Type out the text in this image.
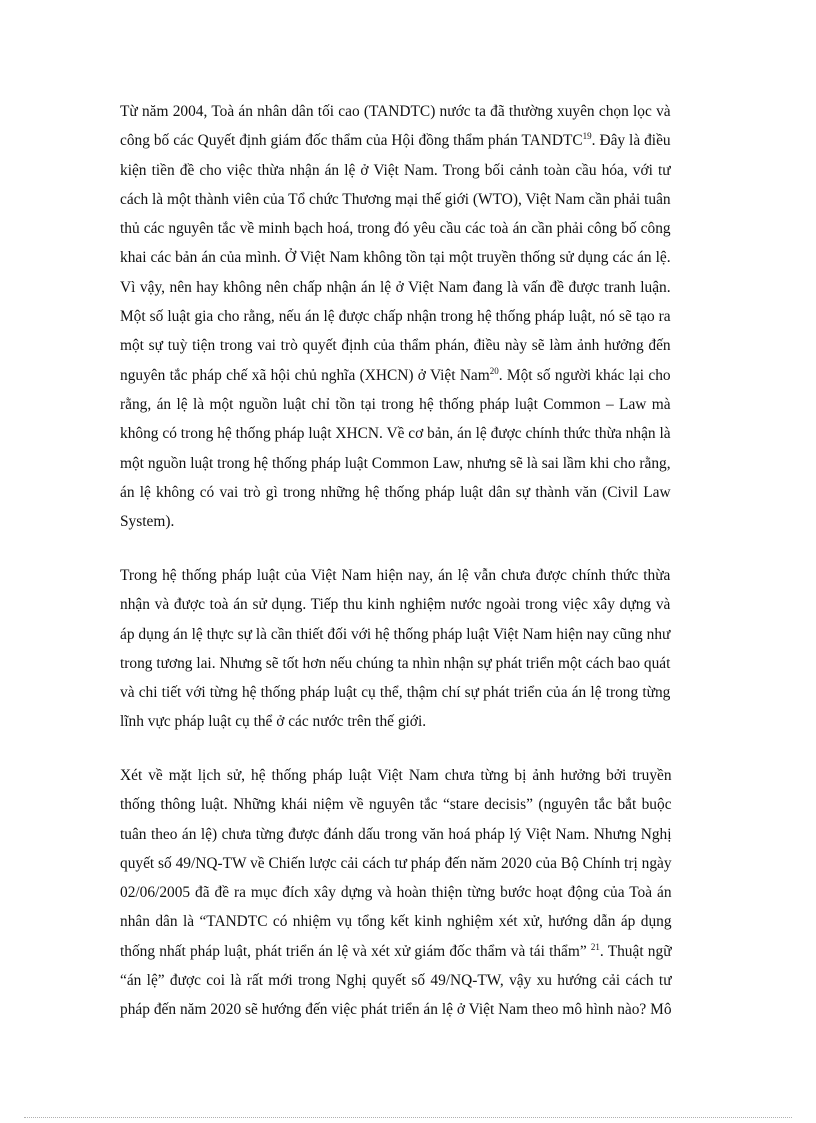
Từ năm 2004, Toà án nhân dân tối cao (TANDTC) nước ta đã thường xuyên chọn lọc và
công bố các Quyết định giám đốc thẩm của Hội đồng thẩm phán TANDTC$^{19}$. Đây là điều
kiện tiền đề cho việc thừa nhận án lệ ở Việt Nam. Trong bối cảnh toàn cầu hóa, với tư
cách là một thành viên của Tổ chức Thương mại thế giới (WTO), Việt Nam cần phải tuân
thủ các nguyên tắc về minh bạch hoá, trong đó yêu cầu các toà án cần phải công bố công
khai các bản án của mình. Ở Việt Nam không tồn tại một truyền thống sử dụng các án lệ.
Vì vậy, nên hay không nên chấp nhận án lệ ở Việt Nam đang là vấn đề được tranh luận.
Một số luật gia cho rằng, nếu án lệ được chấp nhận trong hệ thống pháp luật, nó sẽ tạo ra
một sự tuỳ tiện trong vai trò quyết định của thẩm phán, điều này sẽ làm ảnh hưởng đến
nguyên tắc pháp chế xã hội chủ nghĩa (XHCN) ở Việt Nam$^{20}$. Một số người khác lại cho
rằng, án lệ là một nguồn luật chỉ tồn tại trong hệ thống pháp luật Common – Law mà
không có trong hệ thống pháp luật XHCN. Về cơ bản, án lệ được chính thức thừa nhận là
một nguồn luật trong hệ thống pháp luật Common Law, nhưng sẽ là sai lầm khi cho rằng,
án lệ không có vai trò gì trong những hệ thống pháp luật dân sự thành văn (Civil Law
System).

Trong hệ thống pháp luật của Việt Nam hiện nay, án lệ vẫn chưa được chính thức thừa
nhận và được toà án sử dụng. Tiếp thu kinh nghiệm nước ngoài trong việc xây dựng và
áp dụng án lệ thực sự là cần thiết đối với hệ thống pháp luật Việt Nam hiện nay cũng như
trong tương lai. Nhưng sẽ tốt hơn nếu chúng ta nhìn nhận sự phát triển một cách bao quát
và chi tiết với từng hệ thống pháp luật cụ thể, thậm chí sự phát triển của án lệ trong từng
lĩnh vực pháp luật cụ thể ở các nước trên thế giới.

Xét về mặt lịch sử, hệ thống pháp luật Việt Nam chưa từng bị ảnh hưởng bởi truyền
thống thông luật. Những khái niệm về nguyên tắc “stare decisis” (nguyên tắc bắt buộc
tuân theo án lệ) chưa từng được đánh dấu trong văn hoá pháp lý Việt Nam. Nhưng Nghị
quyết số 49/NQ-TW về Chiến lược cải cách tư pháp đến năm 2020 của Bộ Chính trị ngày
02/06/2005 đã đề ra mục đích xây dựng và hoàn thiện từng bước hoạt động của Toà án
nhân dân là “TANDTC có nhiệm vụ tổng kết kinh nghiệm xét xử, hướng dẫn áp dụng
thống nhất pháp luật, phát triển án lệ và xét xử giám đốc thẩm và tái thẩm” $^{21}$. Thuật ngữ
“án lệ” được coi là rất mới trong Nghị quyết số 49/NQ-TW, vậy xu hướng cải cách tư
pháp đến năm 2020 sẽ hướng đến việc phát triển án lệ ở Việt Nam theo mô hình nào? Mô
